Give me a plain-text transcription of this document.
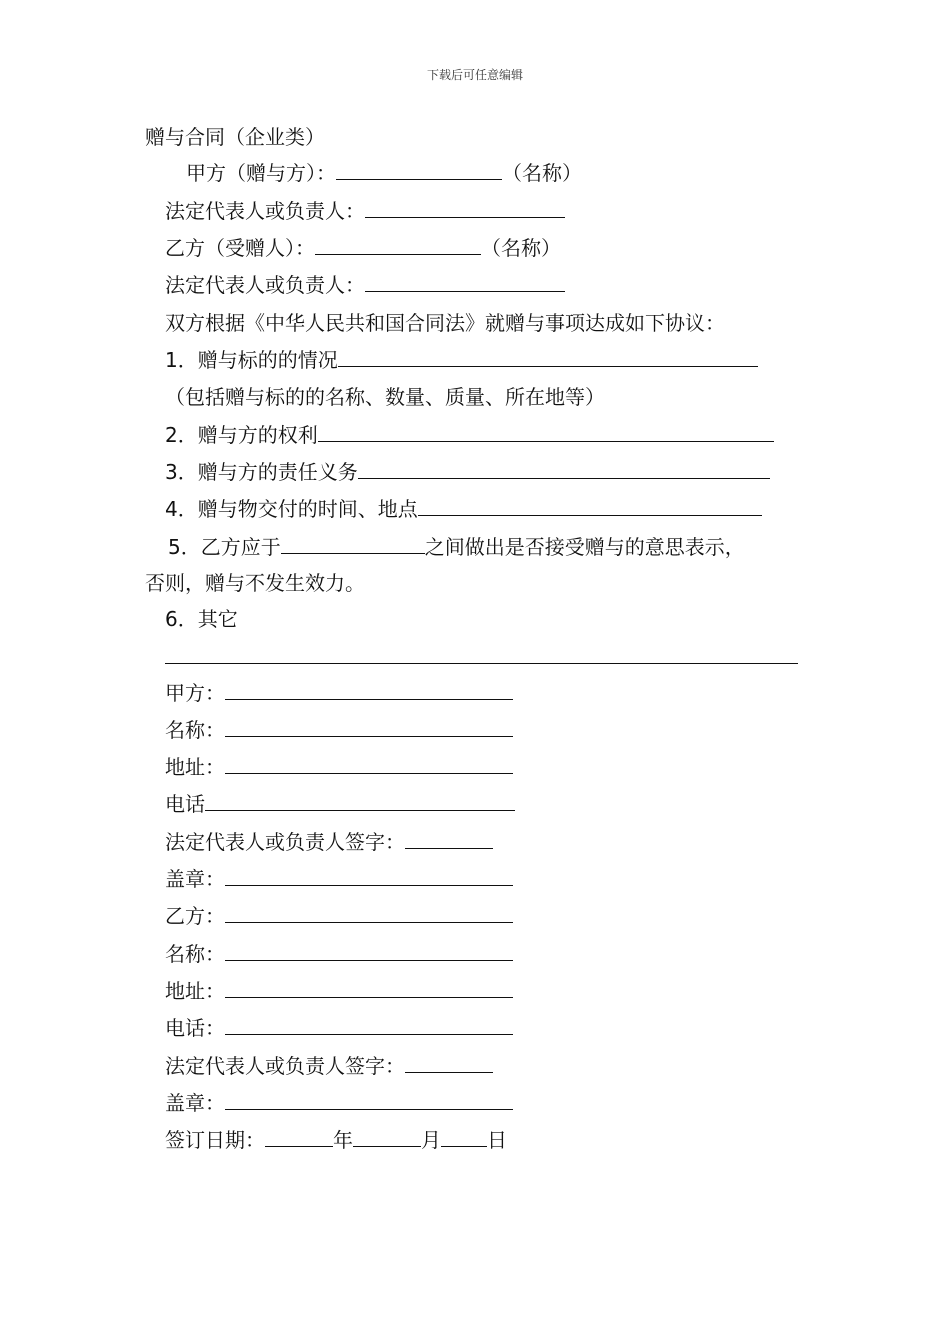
下载后可任意编辑
赠与合同（企业类）
甲方（赠与方）：	（名称）
法定代表人或负责人：
乙方（受赠人）：	（名称）
法定代表人或负责人：
双方根据《中华人民共和国合同法》就赠与事项达成如下协议：
1．赠与标的的情况
（包括赠与标的的名称、数量、质量、所在地等）
2．赠与方的权利
3．赠与方的责任义务
4．赠与物交付的时间、地点
5．乙方应于	之间做出是否接受赠与的意思表示，
否则，赠与不发生效力。
6．其它
甲方：
名称：
地址：
电话
法定代表人或负责人签字：
盖章：
乙方：
名称：
地址：
电话：
法定代表人或负责人签字：
盖章：
签订日期：	年	月 日
